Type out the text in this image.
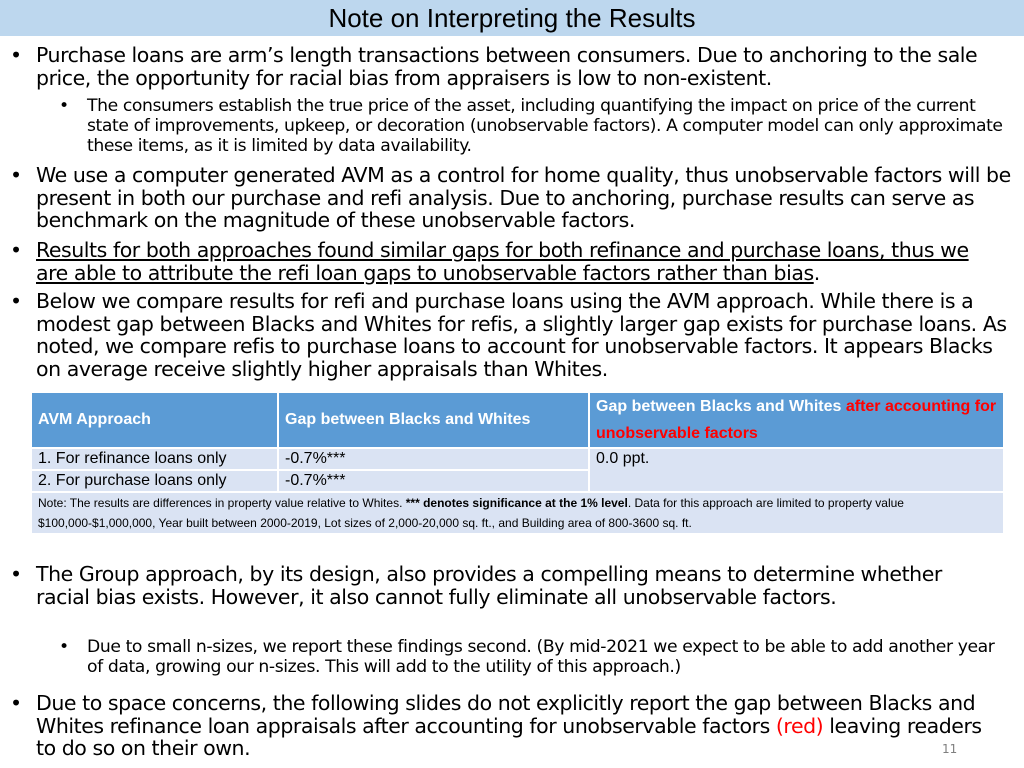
Note on Interpreting the Results

• Purchase loans are arm’s length transactions between consumers. Due to anchoring to the sale price, the opportunity for racial bias from appraisers is low to non-existent.

• The consumers establish the true price of the asset, including quantifying the impact on price of the current state of improvements, upkeep, or decoration (unobservable factors). A computer model can only approximate these items, as it is limited by data availability.

• We use a computer generated AVM as a control for home quality, thus unobservable factors will be present in both our purchase and refi analysis. Due to anchoring, purchase results can serve as benchmark on the magnitude of these unobservable factors.

• Results for both approaches found similar gaps for both refinance and purchase loans, thus we are able to attribute the refi loan gaps to unobservable factors rather than bias.

• Below we compare results for refi and purchase loans using the AVM approach. While there is a modest gap between Blacks and Whites for refis, a slightly larger gap exists for purchase loans. As noted, we compare refis to purchase loans to account for unobservable factors. It appears Blacks on average receive slightly higher appraisals than Whites.

AVM Approach	Gap between Blacks and Whites	Gap between Blacks and Whites after accounting for unobservable factors
1. For refinance loans only	-0.7%***	0.0 ppt.
2. For purchase loans only	-0.7%***	
Note: The results are differences in property value relative to Whites. *** denotes significance at the 1% level. Data for this approach are limited to property value $100,000-$1,000,000, Year built between 2000-2019, Lot sizes of 2,000-20,000 sq. ft., and Building area of 800-3600 sq. ft.		

• The Group approach, by its design, also provides a compelling means to determine whether racial bias exists. However, it also cannot fully eliminate all unobservable factors.

• Due to small n-sizes, we report these findings second. (By mid-2021 we expect to be able to add another year of data, growing our n-sizes. This will add to the utility of this approach.)

• Due to space concerns, the following slides do not explicitly report the gap between Blacks and Whites refinance loan appraisals after accounting for unobservable factors (red) leaving readers to do so on their own.	11
